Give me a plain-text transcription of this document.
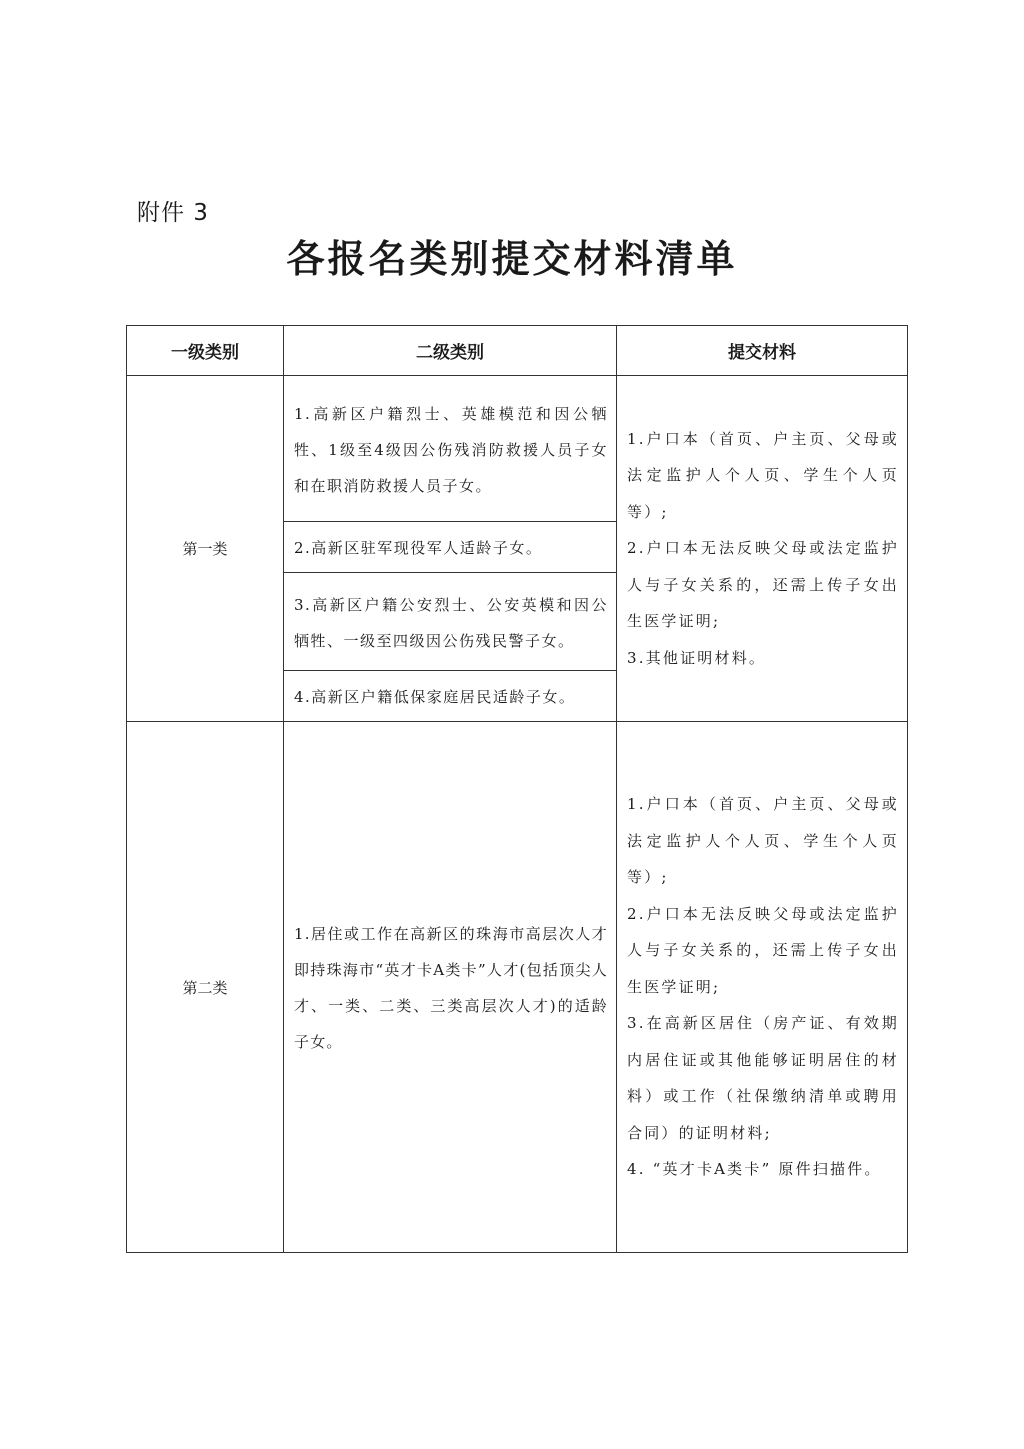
附件 3
各报名类别提交材料清单
一级类别	二级类别	提交材料
第一类	1.高新区户籍烈士、英雄模范和因公牺牲、1级至4级因公伤残消防救援人员子女和在职消防救援人员子女。	1.户口本（首页、户主页、父母或法定监护人个人页、学生个人页等）;

2.户口本无法反映父母或法定监护人与子女关系的，还需上传子女出生医学证明;

3.其他证明材料。

	2.高新区驻军现役军人适龄子女。	

	3.高新区户籍公安烈士、公安英模和因公牺牲、一级至四级因公伤残民警子女。	

	4.高新区户籍低保家庭居民适龄子女。	

第二类	1.居住或工作在高新区的珠海市高层次人才即持珠海市“英才卡A类卡”人才(包括顶尖人才、一类、二类、三类高层次人才)的适龄子女。	1.户口本（首页、户主页、父母或法定监护人个人页、学生个人页等）;

2.户口本无法反映父母或法定监护人与子女关系的，还需上传子女出生医学证明;

3.在高新区居住（房产证、有效期内居住证或其他能够证明居住的材料）或工作（社保缴纳清单或聘用合同）的证明材料;

4. “英才卡A类卡” 原件扫描件。
